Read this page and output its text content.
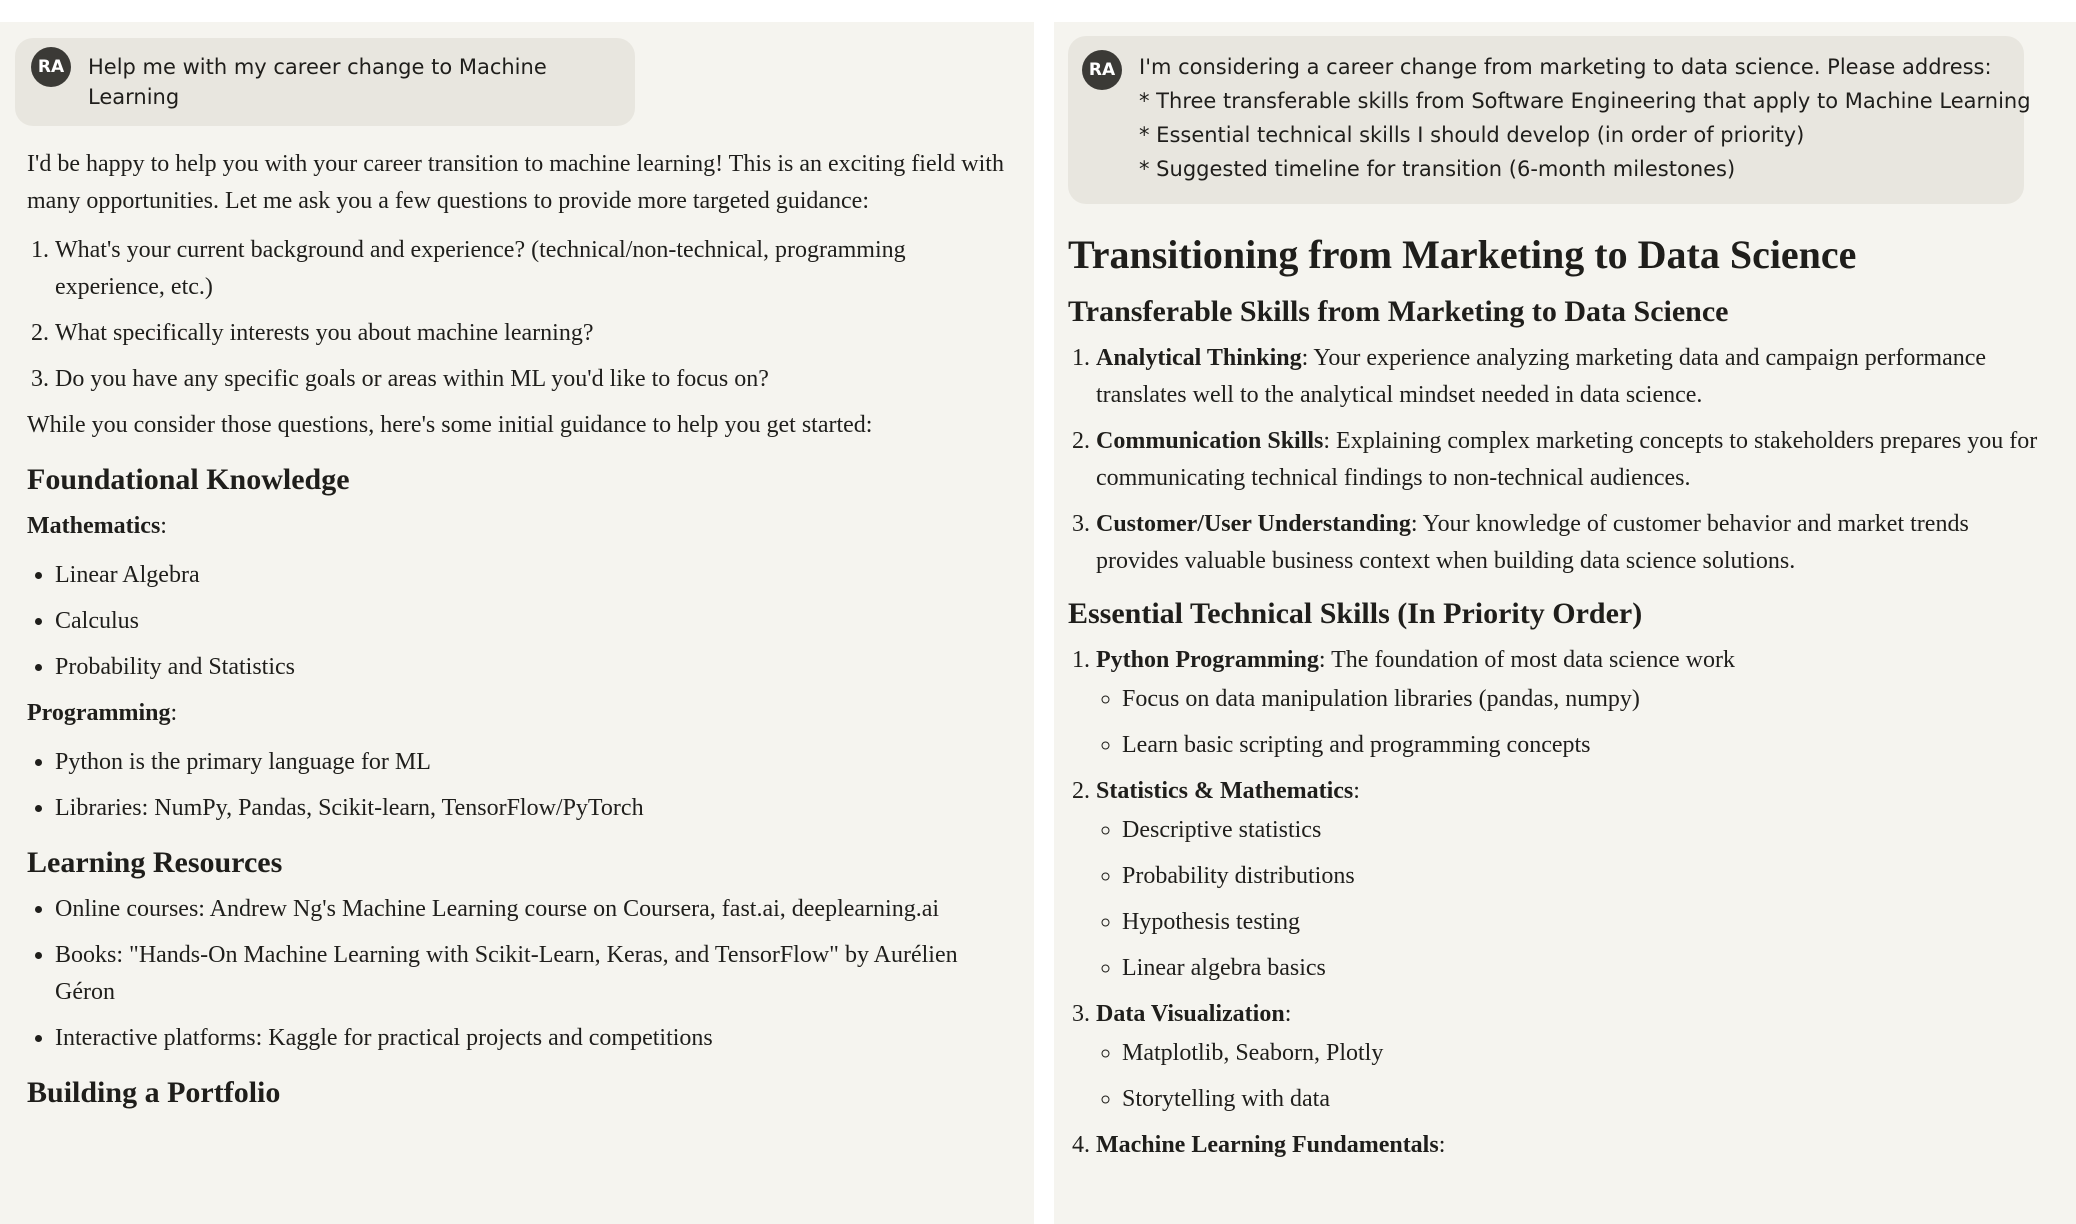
RA	Help me with my career change to Machine Learning

I'd be happy to help you with your career transition to machine learning! This is an exciting field with many opportunities. Let me ask you a few questions to provide more targeted guidance:

1. What's your current background and experience? (technical/non-technical, programming experience, etc.)
2. What specifically interests you about machine learning?
3. Do you have any specific goals or areas within ML you'd like to focus on?

While you consider those questions, here's some initial guidance to help you get started:

Foundational Knowledge

Mathematics:

• Linear Algebra
• Calculus
• Probability and Statistics

Programming:

• Python is the primary language for ML
• Libraries: NumPy, Pandas, Scikit-learn, TensorFlow/PyTorch
Learning Resources
• Online courses: Andrew Ng's Machine Learning course on Coursera, fast.ai, deeplearning.ai
• Books: "Hands-On Machine Learning with Scikit-Learn, Keras, and TensorFlow" by Aurélien Géron
• Interactive platforms: Kaggle for practical projects and competitions
Building a Portfolio
RA	I'm considering a career change from marketing to data science. Please address:
* Three transferable skills from Software Engineering that apply to Machine Learning
* Essential technical skills I should develop (in order of priority)
* Suggested timeline for transition (6-month milestones)
Transitioning from Marketing to Data Science
Transferable Skills from Marketing to Data Science
1. Analytical Thinking: Your experience analyzing marketing data and campaign performance translates well to the analytical mindset needed in data science.
2. Communication Skills: Explaining complex marketing concepts to stakeholders prepares you for communicating technical findings to non-technical audiences.
3. Customer/User Understanding: Your knowledge of customer behavior and market trends provides valuable business context when building data science solutions.
Essential Technical Skills (In Priority Order)
1. Python Programming: The foundation of most data science work
◦ Focus on data manipulation libraries (pandas, numpy)
◦ Learn basic scripting and programming concepts
2. Statistics & Mathematics:
◦ Descriptive statistics
◦ Probability distributions
◦ Hypothesis testing
◦ Linear algebra basics
3. Data Visualization:
◦ Matplotlib, Seaborn, Plotly
◦ Storytelling with data
4. Machine Learning Fundamentals:
